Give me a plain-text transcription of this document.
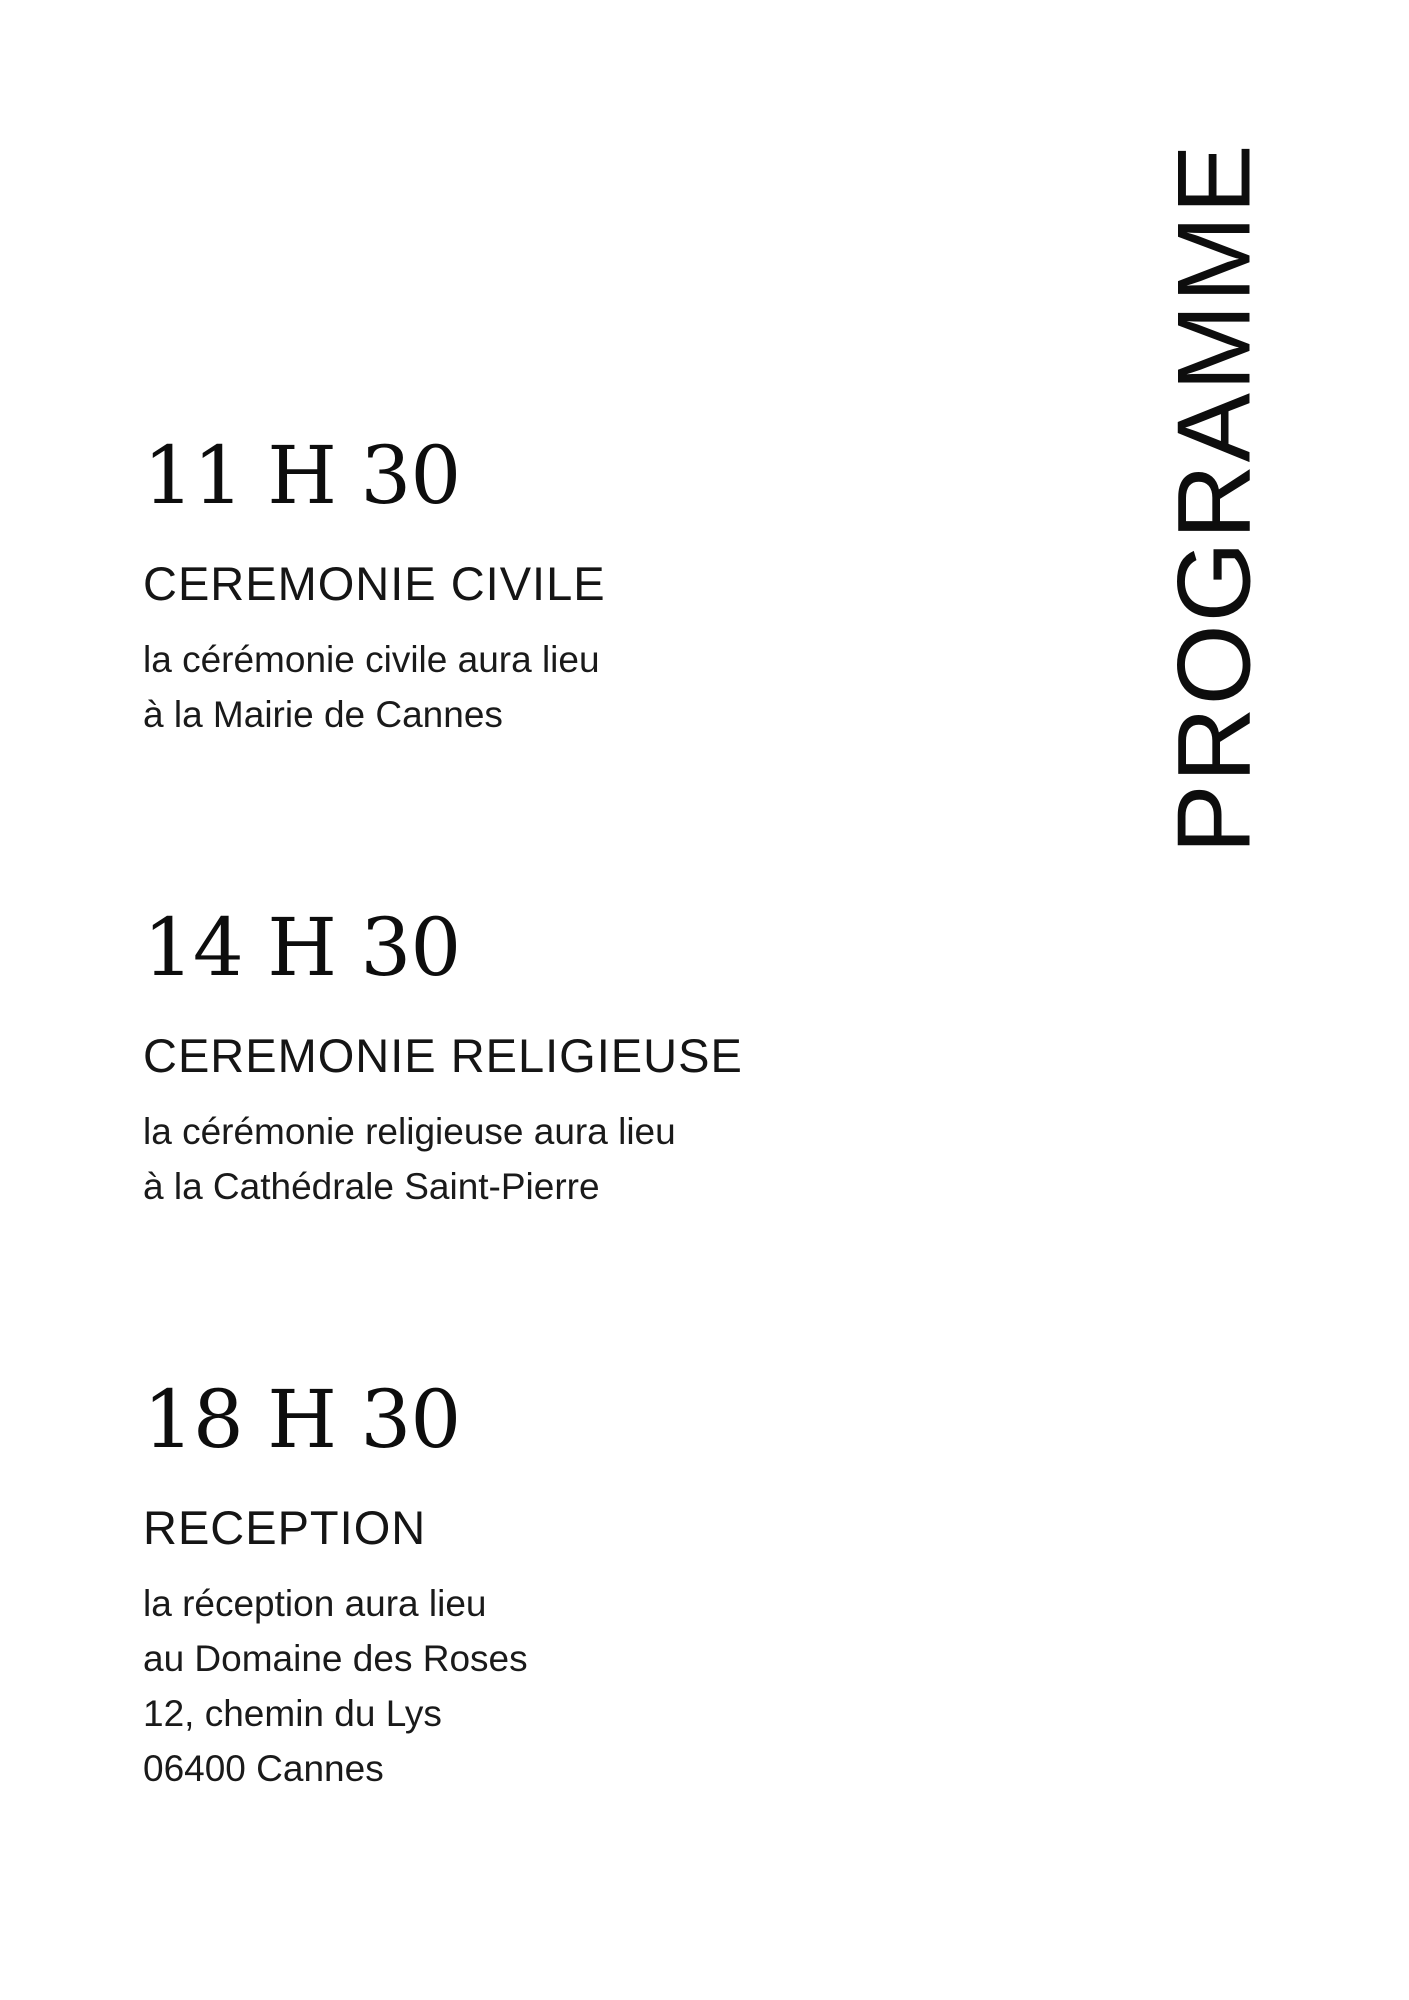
PROGRAMME
11 H 30
CEREMONIE CIVILE
la cérémonie civile aura lieu
à la Mairie de Cannes
14 H 30
CEREMONIE RELIGIEUSE
la cérémonie religieuse aura lieu
à la Cathédrale Saint-Pierre
18 H 30
RECEPTION
la réception aura lieu
au Domaine des Roses
12, chemin du Lys
06400 Cannes
